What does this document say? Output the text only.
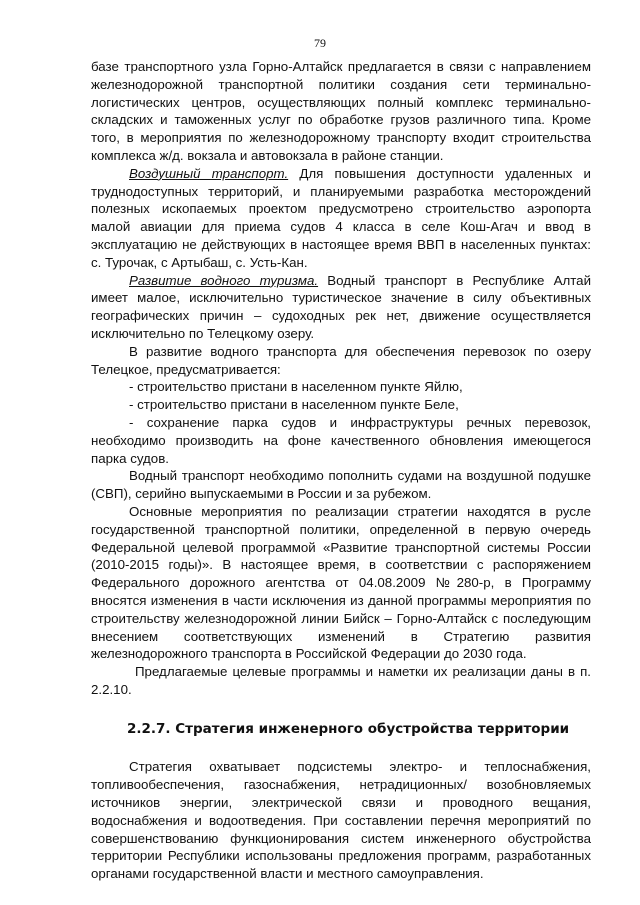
79

базе транспортного узла Горно-Алтайск предлагается в связи с направлением железнодорожной транспортной политики создания сети терминально-логистических центров, осуществляющих полный комплекс терминально-складских и таможенных услуг по обработке грузов различного типа. Кроме того, в мероприятия по железнодорожному транспорту входит строительства комплекса ж/д. вокзала и автовокзала в районе станции.

Воздушный транспорт. Для повышения доступности удаленных и труднодоступных территорий, и планируемыми разработка месторождений полезных ископаемых проектом предусмотрено строительство аэропорта малой авиации для приема судов 4 класса в селе Кош-Агач и ввод в эксплуатацию не действующих в настоящее время ВВП в населенных пунктах: с. Турочак, с Артыбаш, с. Усть-Кан.

Развитие водного туризма. Водный транспорт в Республике Алтай имеет малое, исключительно туристическое значение в силу объективных географических причин – судоходных рек нет, движение осуществляется исключительно по Телецкому озеру.

В развитие водного транспорта для обеспечения перевозок по озеру Телецкое, предусматривается:

- строительство пристани в населенном пункте Яйлю,

- строительство пристани в населенном пункте Беле,

- сохранение парка судов и инфраструктуры речных перевозок, необходимо производить на фоне качественного обновления имеющегося парка судов.

Водный транспорт необходимо пополнить судами на воздушной подушке (СВП), серийно выпускаемыми в России и за рубежом.

Основные мероприятия по реализации стратегии находятся в русле государственной транспортной политики, определенной в первую очередь Федеральной целевой программой «Развитие транспортной системы России (2010-2015 годы)». В настоящее время, в соответствии с распоряжением Федерального дорожного агентства от 04.08.2009 №280-р, в Программу вносятся изменения в части исключения из данной программы мероприятия по строительству железнодорожной линии Бийск – Горно-Алтайск с последующим внесением соответствующих изменений в Стратегию развития железнодорожного транспорта в Российской Федерации до 2030 года.

Предлагаемые целевые программы и наметки их реализации даны в п. 2.2.10.

2.2.7. Стратегия инженерного обустройства территории

Стратегия охватывает подсистемы электро- и теплоснабжения, топливообеспечения, газоснабжения, нетрадиционных/ возобновляемых источников энергии, электрической связи и проводного вещания, водоснабжения и водоотведения. При составлении перечня мероприятий по совершенствованию функционирования систем инженерного обустройства территории Республики использованы предложения программ, разработанных органами государственной власти и местного самоуправления.
